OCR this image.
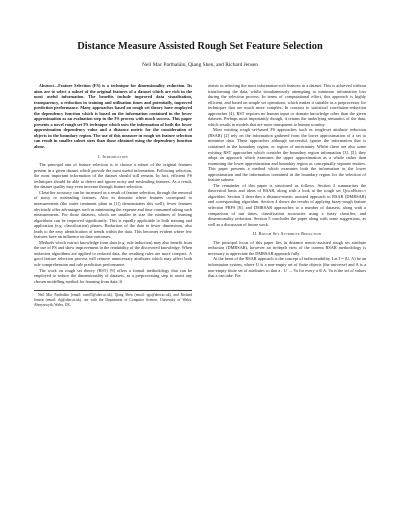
Distance Measure Assisted Rough Set Feature Selection
Neil Mac Parthaláin, Qiang Shen, and Richard Jensen

Abstract—Feature Selection (FS) is a technique for dimensionality reduction. Its aims are to select a subset of the original features of a dataset which are rich in the most useful information. The benefits include improved data visualisation, transparency, a reduction in training and utilisation times and potentially, improved prediction performance. Many approaches based on rough set theory have employed the dependency function which is based on the information contained in the lower approximation as an evaluation step in the FS process with much success. This paper presents a novel rough set FS technique which uses the information of both the lower approximation dependency value and a distance metric for the consideration of objects in the boundary region. The use of this measure in rough set feature selection can result in smaller subset sizes than those obtained using the dependency function alone.

I. Introduction

The principal aim of feature selection is to choose a subset of the original features present in a given dataset which provide the most useful information. Following selection, the most important information of the dataset should still remain. In fact, efficient FS techniques should be able to detect and ignore noisy and misleading features. As a result, the dataset quality may even increase through feature selection.

Classifier accuracy can be increased as a result of feature selection, through the removal of noisy or misleading features. Also in domains where features correspond to measurements (the water treatment plant in [1]) demonstrates this well), fewer features obviously offer advantages such as minimising the expense and time consumed taking such measurements. For those datasets, which are smaller in size the runtimes of learning algorithms can be improved significantly. This is equally applicable to both training and application (e.g. classification) phases. Reduction of the data to fewer dimensions, also leads to the easy identification of trends within the data. This becomes evident where few features have an influence on data outcomes.

Methods which extract knowledge from data (e.g. rule induction) may also benefit from the use of FS and show improvement in the readability of the discovered knowledge. When induction algorithms are applied to reduced data, the resulting rules are more compact. A good feature selection process will remove unnecessary attributes which may affect both rule comprehension and rule prediction performance.

The work on rough set theory (RST) [9] offers a formal methodology that can be employed to reduce the dimensionality of datasets, as a preprocessing step to assist any chosen modelling method for learning from data. It

Neil Mac Parthaláin (email: ncm05@aber.ac.uk), Qiang Shen (email: qqs@aber.ac.uk), and Richard Jensen (email: rkj@aber.ac.uk), are with the Department of Computer Science, University of Wales, Aberystwyth, Wales, UK.

assists in selecting the most information-rich features in a dataset. This is achieved without transforming the data, whilst simultaneously attempting to minimise information loss during the selection process. In terms of computational effort, this approach is highly efficient, and based on simple set operations, which makes it suitable as a preprocessor for techniques that are much more complex. In contrast to statistical correlation-reduction approaches [4], RST requires no human input or domain knowledge other than the given datasets. Perhaps most importantly though, it retains the underlying semantics of the data, which results in models that are more transparent to human scrutiny.

Most existing rough set-based FS approaches such as rough-set attribute reduction (RSAR) [2] rely on the information gathered from the lower approximation of a set to minimise data. These approaches although successful, ignore the information that is contained in the boundary region, or region of uncertainty. Whilst there are also some existing RST approaches which consider the boundary region information [3], [5], they adopt an approach which examines the upper approximation as a whole rather than examining the lower approximation and boundary region as conceptually separate entities. This paper presents a method which examines both the information in the lower approximation and the information contained in the boundary region for the selection of feature subsets.

The remainder of this paper is structured as follows. Section 2 summarises the theoretical basis and ideas of RSAR, along with a look at the rough set QuickReduct algorithm. Section 3 describes a distance-metric assisted approach to RSAR (DMRSAR) and corresponding algorithm. Section 4 shows the results of applying fuzzy-rough feature selection FRFS [6], and DMRSAR approaches to a number of datasets, along with a comparison of run times, classification accuracies using a fuzzy classifier, and dimensionality reduction. Section 5 concludes the paper along with some suggestions, as well as a discussion of future work.

II. Rough Set Attribute Reduction

The principal focus of this paper lies in distance metric-assisted rough set attribute reduction (DMRSAR), however an in-depth view of the current RSAR methodology is necessary to appreciate the DMRSAR approach fully.

At the heart of the RSAR approach is the concept of indiscernibility. Let I = (U, A) be an information system, where U is a non-empty set of finite objects (the universe) and A is a non-empty finite set of attributes so that a : U → Va for every a ∈ A. Va is the set of values that a can take. For
